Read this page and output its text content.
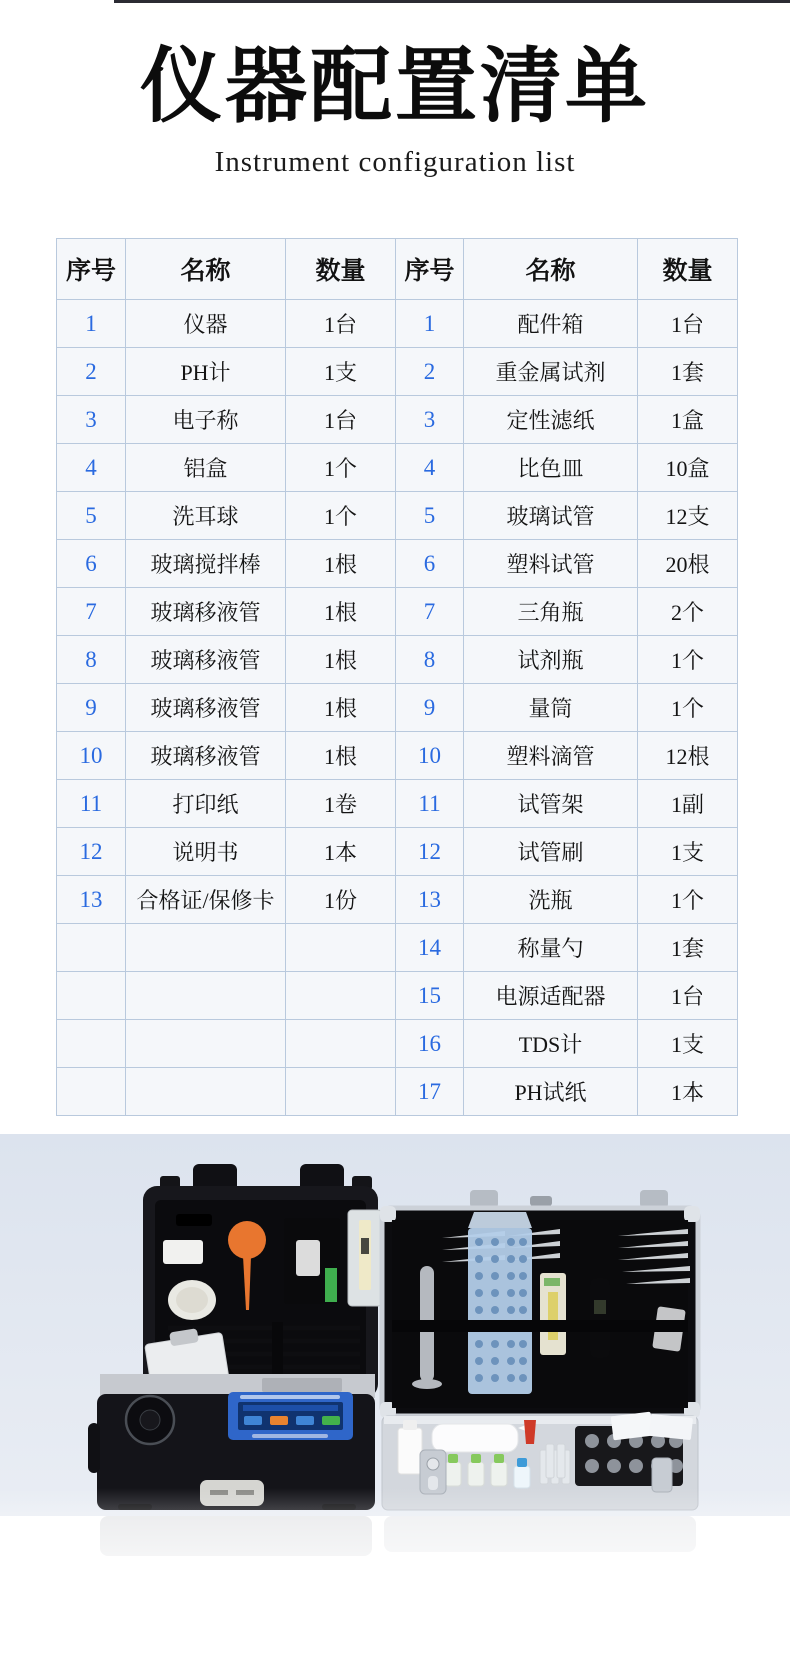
仪器配置清单
Instrument configuration list
序号	名称	数量	序号	名称	数量
1	仪器	1台	1	配件箱	1台
2	PH计	1支	2	重金属试剂	1套
3	电子称	1台	3	定性滤纸	1盒
4	铝盒	1个	4	比色皿	10盒
5	洗耳球	1个	5	玻璃试管	12支
6	玻璃搅拌棒	1根	6	塑料试管	20根
7	玻璃移液管	1根	7	三角瓶	2个
8	玻璃移液管	1根	8	试剂瓶	1个
9	玻璃移液管	1根	9	量筒	1个
10	玻璃移液管	1根	10	塑料滴管	12根
11	打印纸	1卷	11	试管架	1副
12	说明书	1本	12	试管刷	1支
13	合格证/保修卡	1份	13	洗瓶	1个
			14	称量勺	1套
			15	电源适配器	1台
			16	TDS计	1支
			17	PH试纸	1本
